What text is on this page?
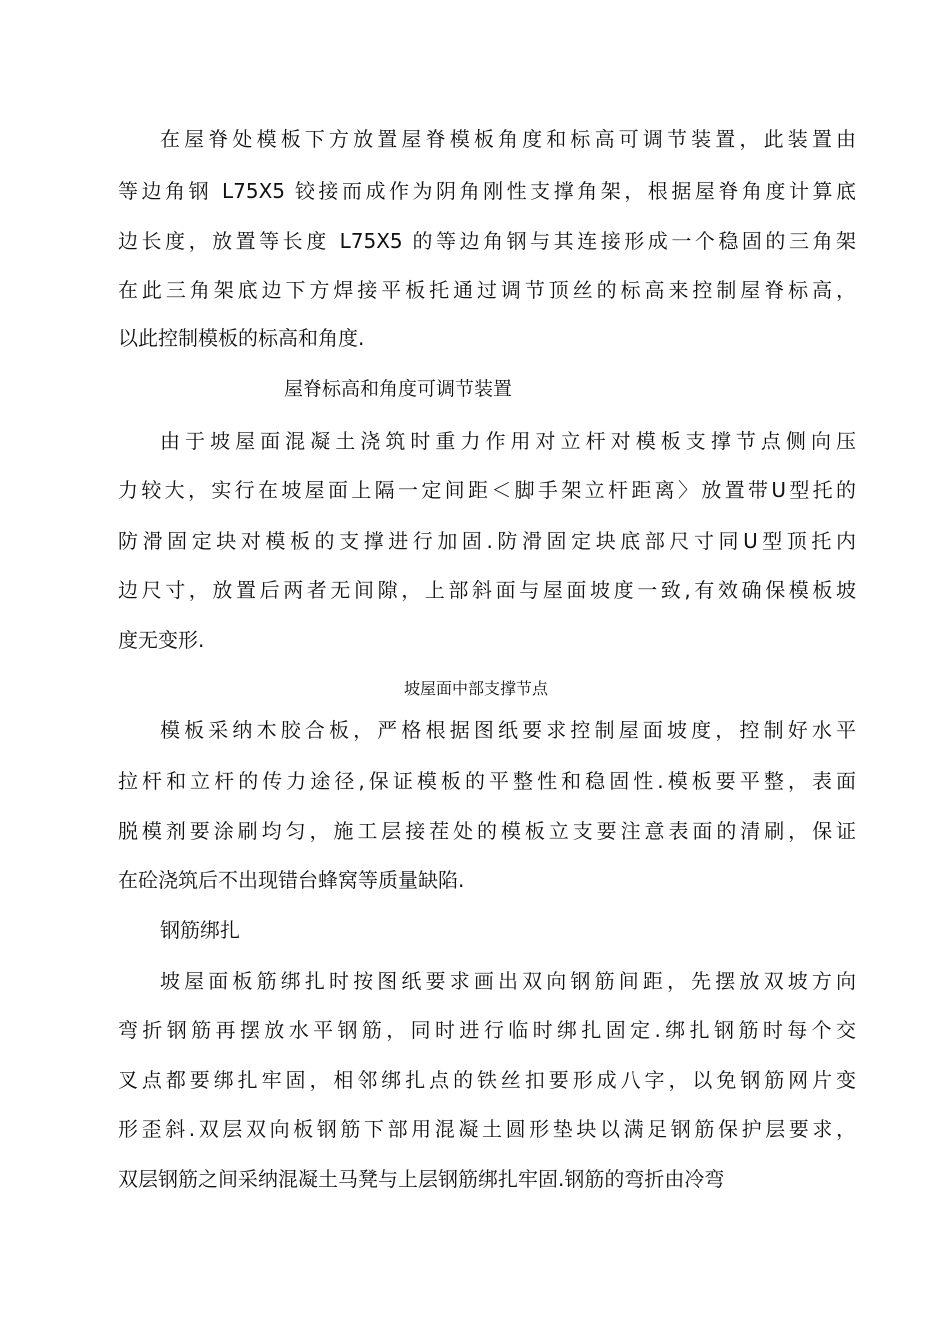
在屋脊处模板下方放置屋脊模板角度和标高可调节装置，此装置由
等边角钢 L75X5 铰接而成作为阴角刚性支撑角架，根据屋脊角度计算底
边长度，放置等长度 L75X5 的等边角钢与其连接形成一个稳固的三角架
在此三角架底边下方焊接平板托通过调节顶丝的标高来控制屋脊标高，
以此控制模板的标高和角度.
屋脊标高和角度可调节装置
由于坡屋面混凝土浇筑时重力作用对立杆对模板支撑节点侧向压
力较大，实行在坡屋面上隔一定间距＜脚手架立杆距离〉放置带U型托的
防滑固定块对模板的支撑进行加固.防滑固定块底部尺寸同U型顶托内
边尺寸，放置后两者无间隙，上部斜面与屋面坡度一致,有效确保模板坡
度无变形.
坡屋面中部支撑节点
模板采纳木胶合板，严格根据图纸要求控制屋面坡度，控制好水平
拉杆和立杆的传力途径,保证模板的平整性和稳固性.模板要平整，表面
脱模剂要涂刷均匀，施工层接茬处的模板立支要注意表面的清刷，保证
在砼浇筑后不出现错台蜂窝等质量缺陷.
钢筋绑扎
坡屋面板筋绑扎时按图纸要求画出双向钢筋间距，先摆放双坡方向
弯折钢筋再摆放水平钢筋，同时进行临时绑扎固定.绑扎钢筋时每个交
叉点都要绑扎牢固，相邻绑扎点的铁丝扣要形成八字，以免钢筋网片变
形歪斜.双层双向板钢筋下部用混凝土圆形垫块以满足钢筋保护层要求，
双层钢筋之间采纳混凝土马凳与上层钢筋绑扎牢固.钢筋的弯折由冷弯
